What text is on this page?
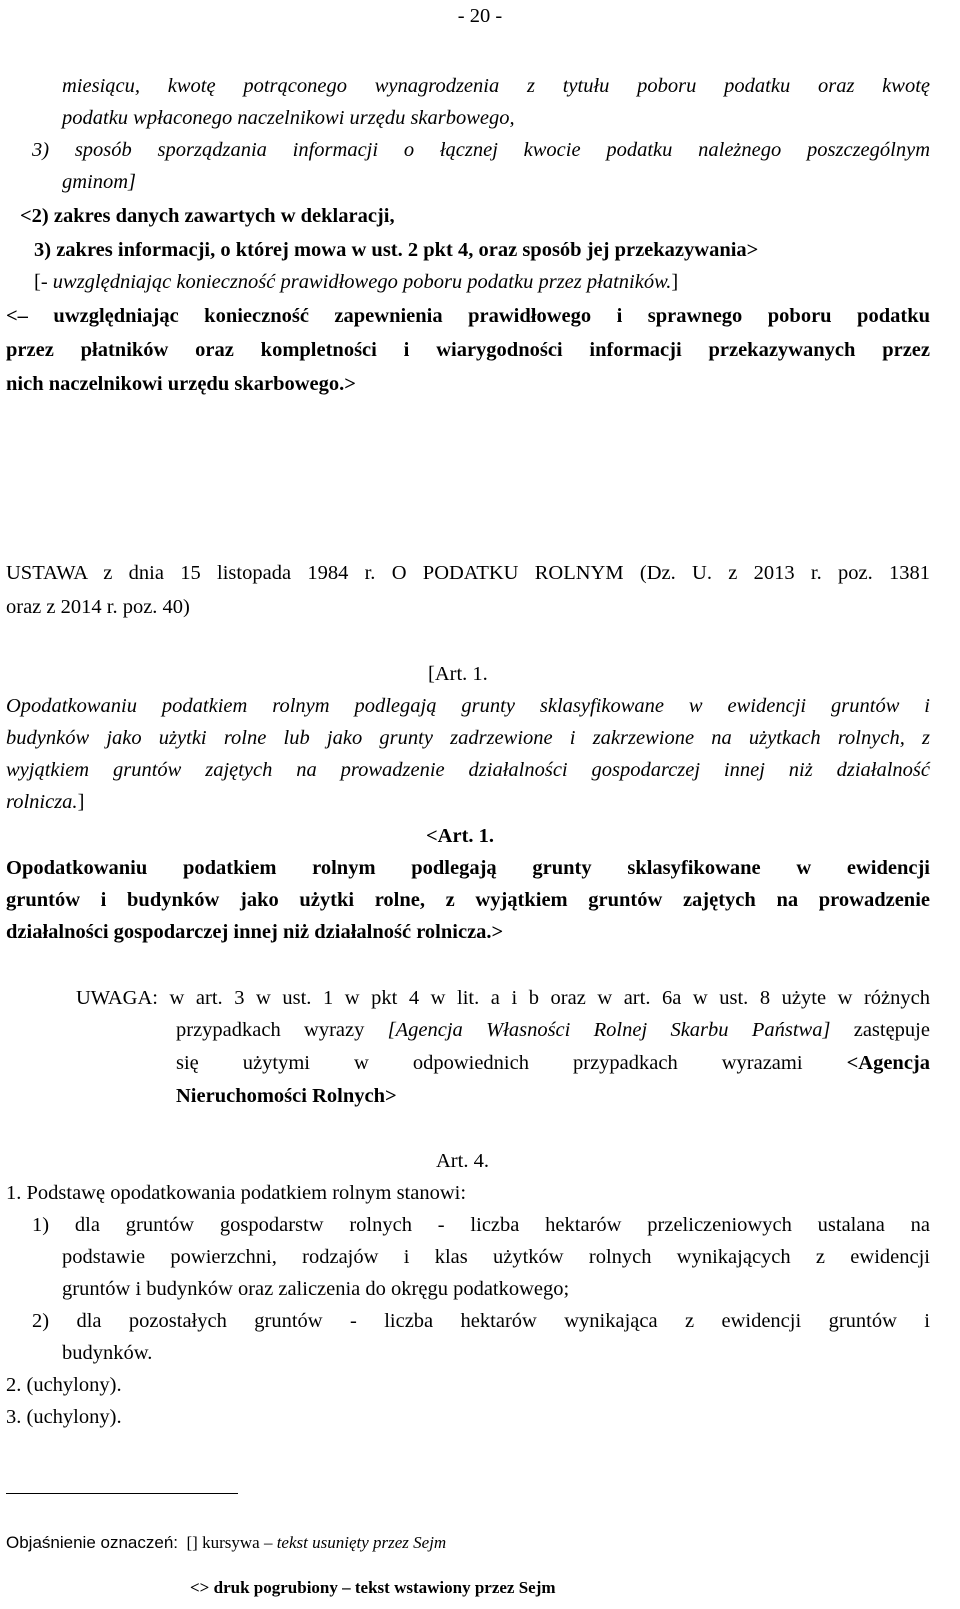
- 20 -
miesiącu, kwotę potrąconego wynagrodzenia z tytułu poboru podatku oraz kwotę
podatku wpłaconego naczelnikowi urzędu skarbowego,
3) sposób sporządzania informacji o łącznej kwocie podatku należnego poszczególnym
gminom]
<2) zakres danych zawartych w deklaracji,
3) zakres informacji, o której mowa w ust. 2 pkt 4, oraz sposób jej przekazywania>
[- uwzględniając konieczność prawidłowego poboru podatku przez płatników.]
<– uwzględniając konieczność zapewnienia prawidłowego i sprawnego poboru podatku
przez płatników oraz kompletności i wiarygodności informacji przekazywanych przez
nich naczelnikowi urzędu skarbowego.>
USTAWA z dnia 15 listopada 1984 r. O PODATKU ROLNYM (Dz. U. z 2013 r. poz. 1381
oraz z 2014 r. poz. 40)
[Art. 1.
Opodatkowaniu podatkiem rolnym podlegają grunty sklasyfikowane w ewidencji gruntów i
budynków jako użytki rolne lub jako grunty zadrzewione i zakrzewione na użytkach rolnych, z
wyjątkiem gruntów zajętych na prowadzenie działalności gospodarczej innej niż działalność
rolnicza.]
<Art. 1.
Opodatkowaniu podatkiem rolnym podlegają grunty sklasyfikowane w ewidencji
gruntów i budynków jako użytki rolne, z wyjątkiem gruntów zajętych na prowadzenie
działalności gospodarczej innej niż działalność rolnicza.>
UWAGA: w art. 3 w ust. 1 w pkt 4 w lit. a i b oraz w art. 6a w ust. 8 użyte w różnych
przypadkach wyrazy [Agencja Własności Rolnej Skarbu Państwa] zastępuje
się użytymi w odpowiednich przypadkach wyrazami <Agencja
Nieruchomości Rolnych>
Art. 4.
1. Podstawę opodatkowania podatkiem rolnym stanowi:
1) dla gruntów gospodarstw rolnych - liczba hektarów przeliczeniowych ustalana na
podstawie powierzchni, rodzajów i klas użytków rolnych wynikających z ewidencji
gruntów i budynków oraz zaliczenia do okręgu podatkowego;
2) dla pozostałych gruntów - liczba hektarów wynikająca z ewidencji gruntów i
budynków.
2. (uchylony).
3. (uchylony).
Objaśnienie oznaczeń: [] kursywa – tekst usunięty przez Sejm
<> druk pogrubiony – tekst wstawiony przez Sejm
